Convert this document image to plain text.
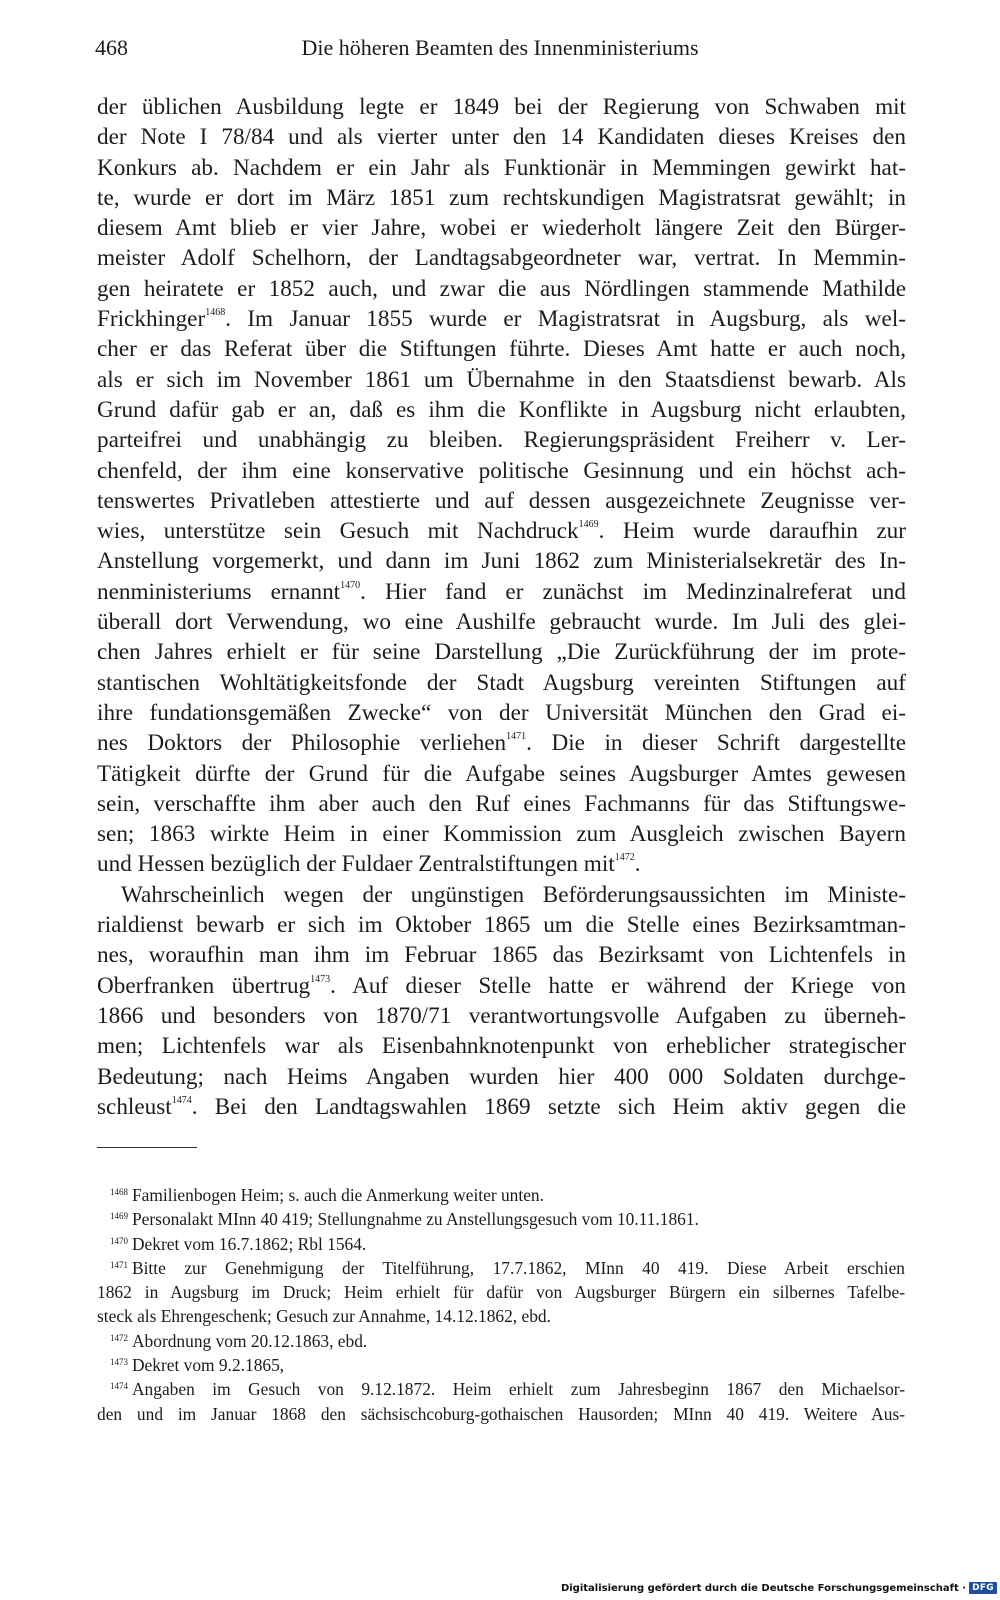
468	Die höheren Beamten des Innenministeriums
der üblichen Ausbildung legte er 1849 bei der Regierung von Schwaben mit
der Note I 78/84 und als vierter unter den 14 Kandidaten dieses Kreises den
Konkurs ab. Nachdem er ein Jahr als Funktionär in Memmingen gewirkt hat-
te, wurde er dort im März 1851 zum rechtskundigen Magistratsrat gewählt; in
diesem Amt blieb er vier Jahre, wobei er wiederholt längere Zeit den Bürger-
meister Adolf Schelhorn, der Landtagsabgeordneter war, vertrat. In Memmin-
gen heiratete er 1852 auch, und zwar die aus Nördlingen stammende Mathilde
Frickhinger$^{1468}$. Im Januar 1855 wurde er Magistratsrat in Augsburg, als wel-
cher er das Referat über die Stiftungen führte. Dieses Amt hatte er auch noch,
als er sich im November 1861 um Übernahme in den Staatsdienst bewarb. Als
Grund dafür gab er an, daß es ihm die Konflikte in Augsburg nicht erlaubten,
parteifrei und unabhängig zu bleiben. Regierungspräsident Freiherr v. Ler-
chenfeld, der ihm eine konservative politische Gesinnung und ein höchst ach-
tenswertes Privatleben attestierte und auf dessen ausgezeichnete Zeugnisse ver-
wies, unterstütze sein Gesuch mit Nachdruck$^{1469}$. Heim wurde daraufhin zur
Anstellung vorgemerkt, und dann im Juni 1862 zum Ministerialsekretär des In-
nenministeriums ernannt$^{1470}$. Hier fand er zunächst im Medinzinalreferat und
überall dort Verwendung, wo eine Aushilfe gebraucht wurde. Im Juli des glei-
chen Jahres erhielt er für seine Darstellung „Die Zurückführung der im prote-
stantischen Wohltätigkeitsfonde der Stadt Augsburg vereinten Stiftungen auf
ihre fundationsgemäßen Zwecke“ von der Universität München den Grad ei-
nes Doktors der Philosophie verliehen$^{1471}$. Die in dieser Schrift dargestellte
Tätigkeit dürfte der Grund für die Aufgabe seines Augsburger Amtes gewesen
sein, verschaffte ihm aber auch den Ruf eines Fachmanns für das Stiftungswe-
sen; 1863 wirkte Heim in einer Kommission zum Ausgleich zwischen Bayern
und Hessen bezüglich der Fuldaer Zentralstiftungen mit$^{1472}$.
Wahrscheinlich wegen der ungünstigen Beförderungsaussichten im Ministe-
rialdienst bewarb er sich im Oktober 1865 um die Stelle eines Bezirksamtman-
nes, woraufhin man ihm im Februar 1865 das Bezirksamt von Lichtenfels in
Oberfranken übertrug$^{1473}$. Auf dieser Stelle hatte er während der Kriege von
1866 und besonders von 1870/71 verantwortungsvolle Aufgaben zu überneh-
men; Lichtenfels war als Eisenbahnknotenpunkt von erheblicher strategischer
Bedeutung; nach Heims Angaben wurden hier 400 000 Soldaten durchge-
schleust$^{1474}$. Bei den Landtagswahlen 1869 setzte sich Heim aktiv gegen die
$^{1468}$ Familienbogen Heim; s. auch die Anmerkung weiter unten.
$^{1469}$ Personalakt MInn 40 419; Stellungnahme zu Anstellungsgesuch vom 10.11.1861.
$^{1470}$ Dekret vom 16.7.1862; Rbl 1564.
$^{1471}$ Bitte zur Genehmigung der Titelführung, 17.7.1862, MInn 40 419. Diese Arbeit erschien
1862 in Augsburg im Druck; Heim erhielt für dafür von Augsburger Bürgern ein silbernes Tafelbe-
steck als Ehrengeschenk; Gesuch zur Annahme, 14.12.1862, ebd.
$^{1472}$ Abordnung vom 20.12.1863, ebd.
$^{1473}$ Dekret vom 9.2.1865,
$^{1474}$ Angaben im Gesuch von 9.12.1872. Heim erhielt zum Jahresbeginn 1867 den Michaelsor-
den und im Januar 1868 den sächsischcoburg-gothaischen Hausorden; MInn 40 419. Weitere Aus-
Digitalisierung gefördert durch die Deutsche Forschungsgemeinschaft · DFG
